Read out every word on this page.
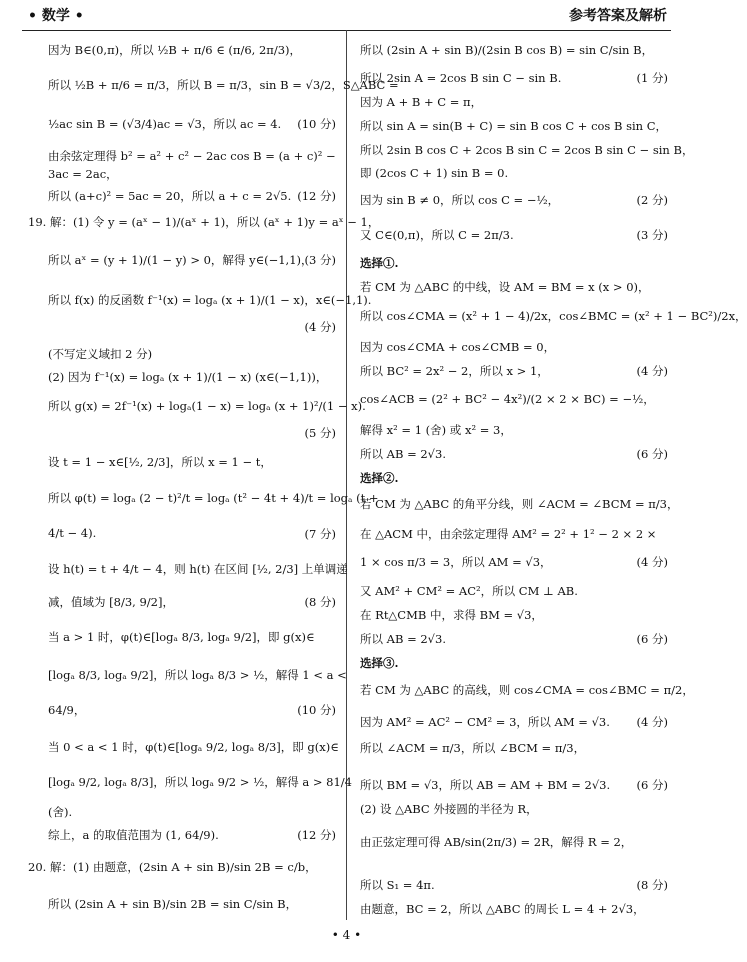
• 数学 •	参考答案及解析
因为 B∈(0,π)，所以 ½B + π/6 ∈ (π/6, 2π/3)，
所以 ½B + π/6 = π/3，所以 B = π/3，sin B = √3/2，S△ABC =
½ac sin B = (√3/4)ac = √3，所以 ac = 4. (10 分)
由余弦定理得 b² = a² + c² − 2ac cos B = (a + c)² −
3ac = 2ac，
所以 (a+c)² = 5ac = 20，所以 a + c = 2√5. (12 分)
19. 解：(1) 令 y = (aˣ − 1)/(aˣ + 1)，所以 (aˣ + 1)y = aˣ − 1，
所以 aˣ = (y + 1)/(1 − y) > 0，解得 y∈(−1,1)，
(3 分)
所以 f(x) 的反函数 f⁻¹(x) = logₐ (x + 1)/(1 − x)，x∈(−1,1).
(4 分)
(不写定义域扣 2 分)
(2) 因为 f⁻¹(x) = logₐ (x + 1)/(1 − x) (x∈(−1,1))，
所以 g(x) = 2f⁻¹(x) + logₐ(1 − x) = logₐ (x + 1)²/(1 − x).
(5 分)
设 t = 1 − x∈[½, 2/3]，所以 x = 1 − t，
所以 φ(t) = logₐ (2 − t)²/t = logₐ (t² − 4t + 4)/t = logₐ (t +
4/t − 4).	(7 分)
设 h(t) = t + 4/t − 4，则 h(t) 在区间 [½, 2/3] 上单调递
减，值域为 [8/3, 9/2]，	(8 分)
当 a > 1 时，φ(t)∈[logₐ 8/3, logₐ 9/2]，即 g(x)∈
[logₐ 8/3, logₐ 9/2]，所以 logₐ 8/3 > ½，解得 1 < a <
64/9，	(10 分)
当 0 < a < 1 时，φ(t)∈[logₐ 9/2, logₐ 8/3]，即 g(x)∈
[logₐ 9/2, logₐ 8/3]，所以 logₐ 9/2 > ½，解得 a > 81/4
(舍).
综上，a 的取值范围为 (1, 64/9).	(12 分)
20. 解：(1) 由题意，(2sin A + sin B)/sin 2B = c/b，
所以 (2sin A + sin B)/sin 2B = sin C/sin B，
所以 (2sin A + sin B)/(2sin B cos B) = sin C/sin B，
所以 2sin A = 2cos B sin C − sin B.	(1 分)
因为 A + B + C = π，
所以 sin A = sin(B + C) = sin B cos C + cos B sin C，
所以 2sin B cos C + 2cos B sin C = 2cos B sin C − sin B，
即 (2cos C + 1) sin B = 0.
因为 sin B ≠ 0，所以 cos C = −½，	(2 分)
又 C∈(0,π)，所以 C = 2π/3.	(3 分)
选择①.
若 CM 为 △ABC 的中线，设 AM = BM = x (x > 0)，
所以 cos∠CMA = (x² + 1 − 4)/2x，cos∠BMC = (x² + 1 − BC²)/2x，
因为 cos∠CMA + cos∠CMB = 0，
所以 BC² = 2x² − 2，所以 x > 1，	(4 分)
cos∠ACB = (2² + BC² − 4x²)/(2 × 2 × BC) = −½，
解得 x² = 1 (舍) 或 x² = 3，
所以 AB = 2√3.	(6 分)
选择②.
若 CM 为 △ABC 的角平分线，则 ∠ACM = ∠BCM = π/3，
在 △ACM 中，由余弦定理得 AM² = 2² + 1² − 2 × 2 ×
1 × cos π/3 = 3，所以 AM = √3，	(4 分)
又 AM² + CM² = AC²，所以 CM ⊥ AB.
在 Rt△CMB 中，求得 BM = √3，
所以 AB = 2√3.	(6 分)
选择③.
若 CM 为 △ABC 的高线，则 cos∠CMA = cos∠BMC = π/2，
因为 AM² = AC² − CM² = 3，所以 AM = √3. (4 分)
所以 ∠ACM = π/3，所以 ∠BCM = π/3，
所以 BM = √3，所以 AB = AM + BM = 2√3. (6 分)
(2) 设 △ABC 外接圆的半径为 R，
由正弦定理可得 AB/sin(2π/3) = 2R，解得 R = 2，
所以 S₁ = 4π.	(8 分)
由题意，BC = 2，所以 △ABC 的周长 L = 4 + 2√3，
• 4 •
